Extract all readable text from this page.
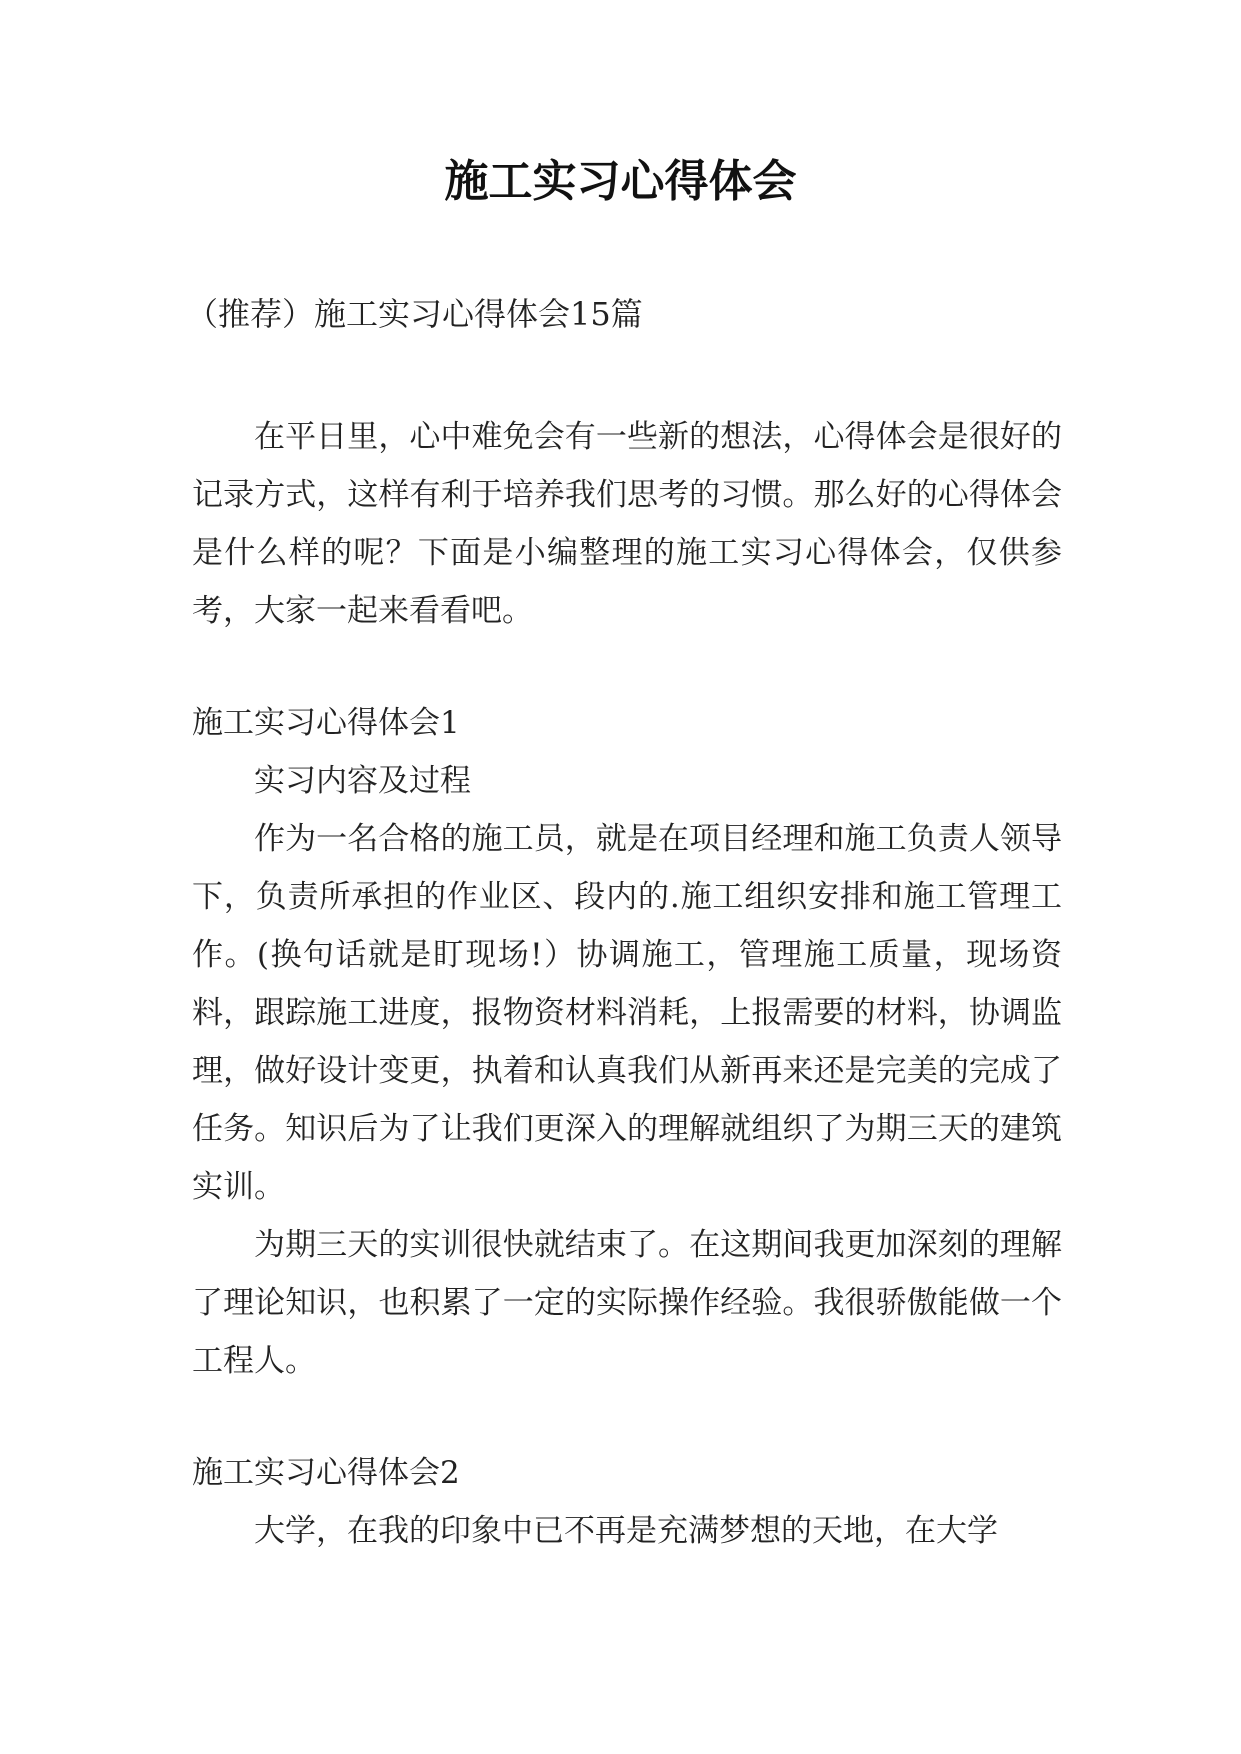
施工实习心得体会

（推荐）施工实习心得体会15篇

在平日里，心中难免会有一些新的想法，心得体会是很好的记录方式，这样有利于培养我们思考的习惯。那么好的心得体会是什么样的呢？下面是小编整理的施工实习心得体会，仅供参考，大家一起来看看吧。

施工实习心得体会1

实习内容及过程

作为一名合格的施工员，就是在项目经理和施工负责人领导下，负责所承担的作业区、段内的.施工组织安排和施工管理工作。(换句话就是盯现场!）协调施工，管理施工质量，现场资料，跟踪施工进度，报物资材料消耗，上报需要的材料，协调监理，做好设计变更，执着和认真我们从新再来还是完美的完成了任务。知识后为了让我们更深入的理解就组织了为期三天的建筑实训。

为期三天的实训很快就结束了。在这期间我更加深刻的理解了理论知识，也积累了一定的实际操作经验。我很骄傲能做一个工程人。

施工实习心得体会2

大学，在我的印象中已不再是充满梦想的天地，在大学
